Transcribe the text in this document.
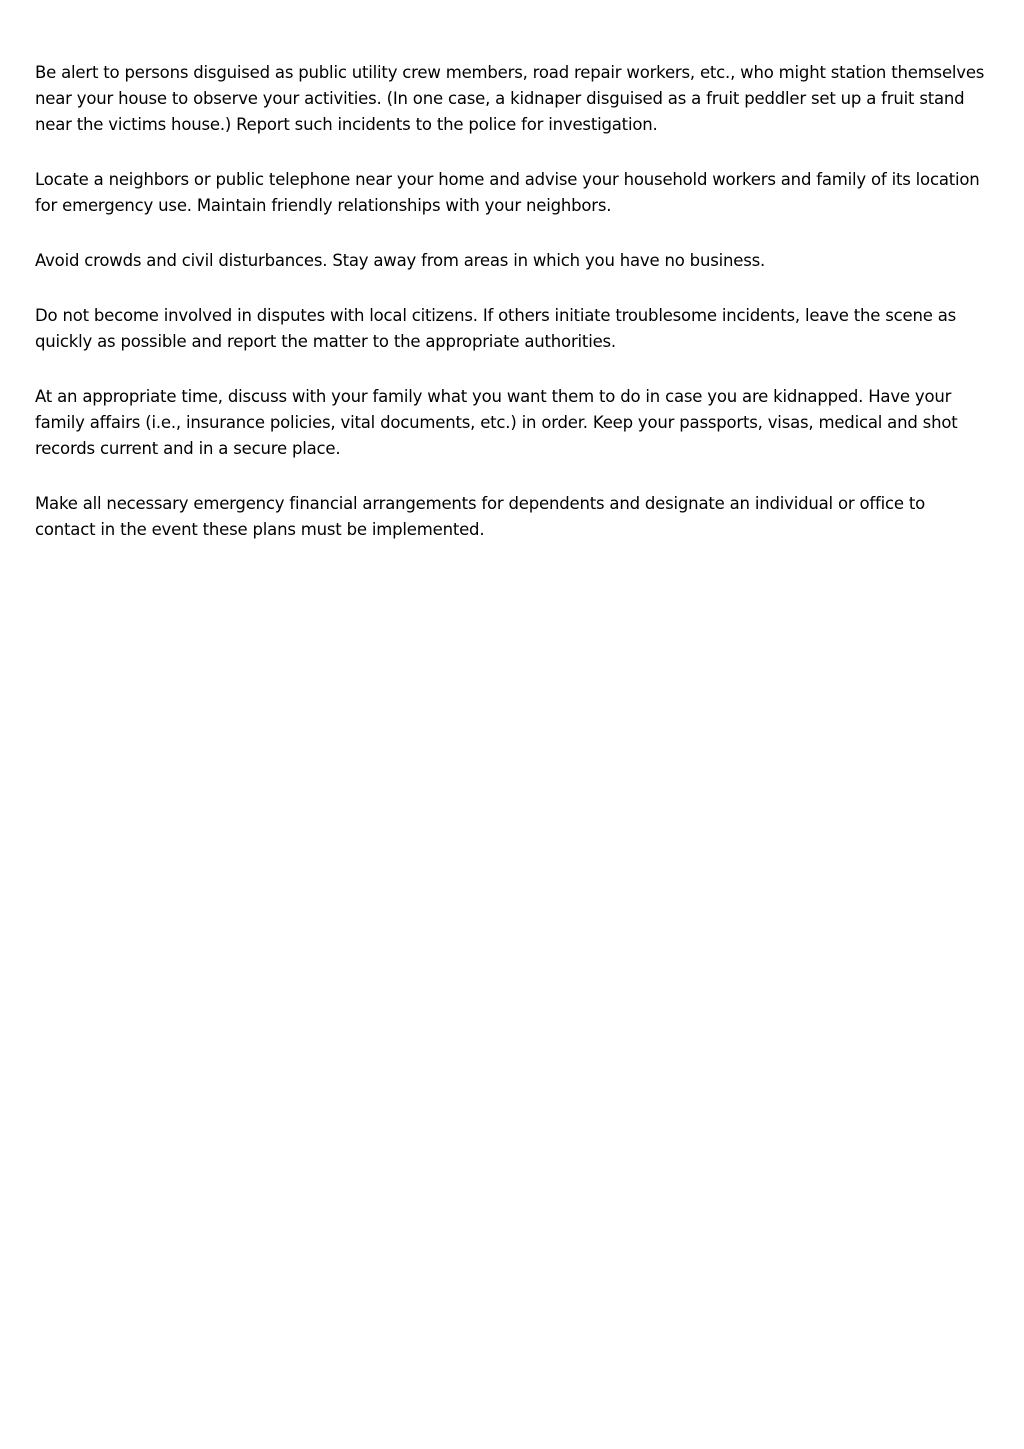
Be alert to persons disguised as public utility crew members, road repair workers, etc., who might station themselves near your house to observe your activities. (In one case, a kidnaper disguised as a fruit peddler set up a fruit stand near the victims house.) Report such incidents to the police for investigation.

Locate a neighbors or public telephone near your home and advise your household workers and family of its location for emergency use. Maintain friendly relationships with your neighbors.

Avoid crowds and civil disturbances. Stay away from areas in which you have no business.

Do not become involved in disputes with local citizens. If others initiate troublesome incidents, leave the scene as quickly as possible and report the matter to the appropriate authorities.

At an appropriate time, discuss with your family what you want them to do in case you are kidnapped. Have your family affairs (i.e., insurance policies, vital documents, etc.) in order. Keep your passports, visas, medical and shot records current and in a secure place.

Make all necessary emergency financial arrangements for dependents and designate an individual or office to contact in the event these plans must be implemented.
